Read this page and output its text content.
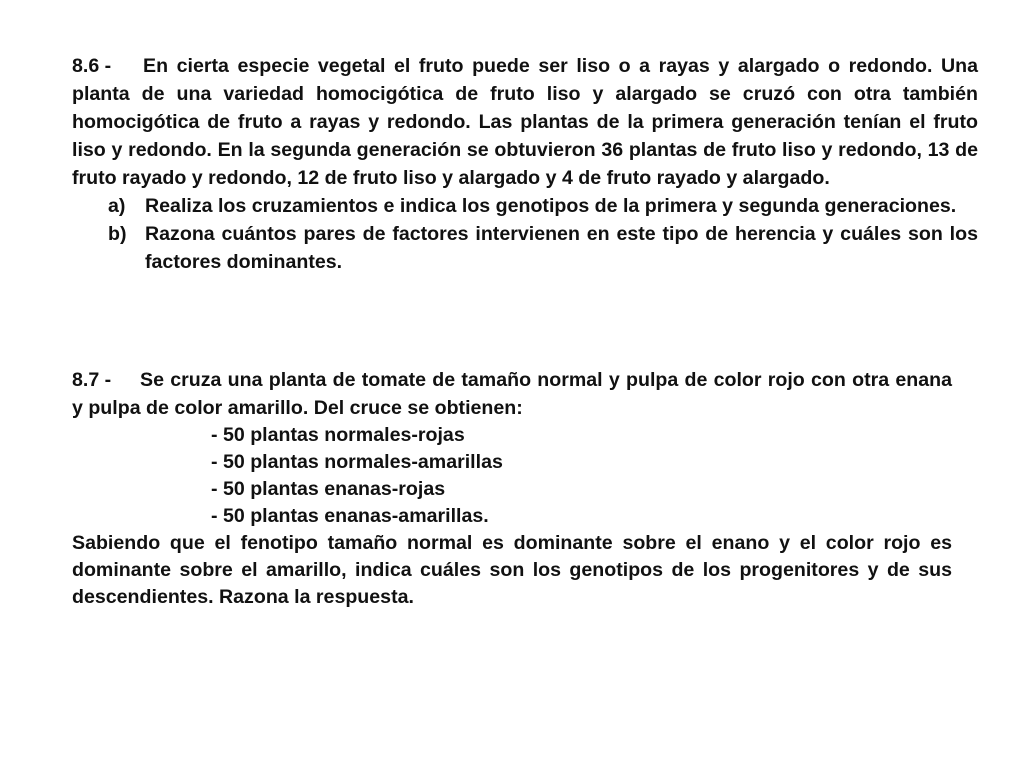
8.6 - En cierta especie vegetal el fruto puede ser liso o a rayas y alargado o redondo. Una planta de una variedad homocigótica de fruto liso y alargado se cruzó con otra también homocigótica de fruto a rayas y redondo. Las plantas de la primera generación tenían el fruto liso y redondo. En la segunda generación se obtuvieron 36 plantas de fruto liso y redondo, 13 de fruto rayado y redondo, 12 de fruto liso y alargado y 4 de fruto rayado y alargado.

a) Realiza los cruzamientos e indica los genotipos de la primera y segunda generaciones.
b) Razona cuántos pares de factores intervienen en este tipo de herencia y cuáles son los factores dominantes.

8.7 - Se cruza una planta de tomate de tamaño normal y pulpa de color rojo con otra enana y pulpa de color amarillo. Del cruce se obtienen:

- 50 plantas normales-rojas
- 50 plantas normales-amarillas
- 50 plantas enanas-rojas
- 50 plantas enanas-amarillas.

Sabiendo que el fenotipo tamaño normal es dominante sobre el enano y el color rojo es dominante sobre el amarillo, indica cuáles son los genotipos de los progenitores y de sus descendientes. Razona la respuesta.
